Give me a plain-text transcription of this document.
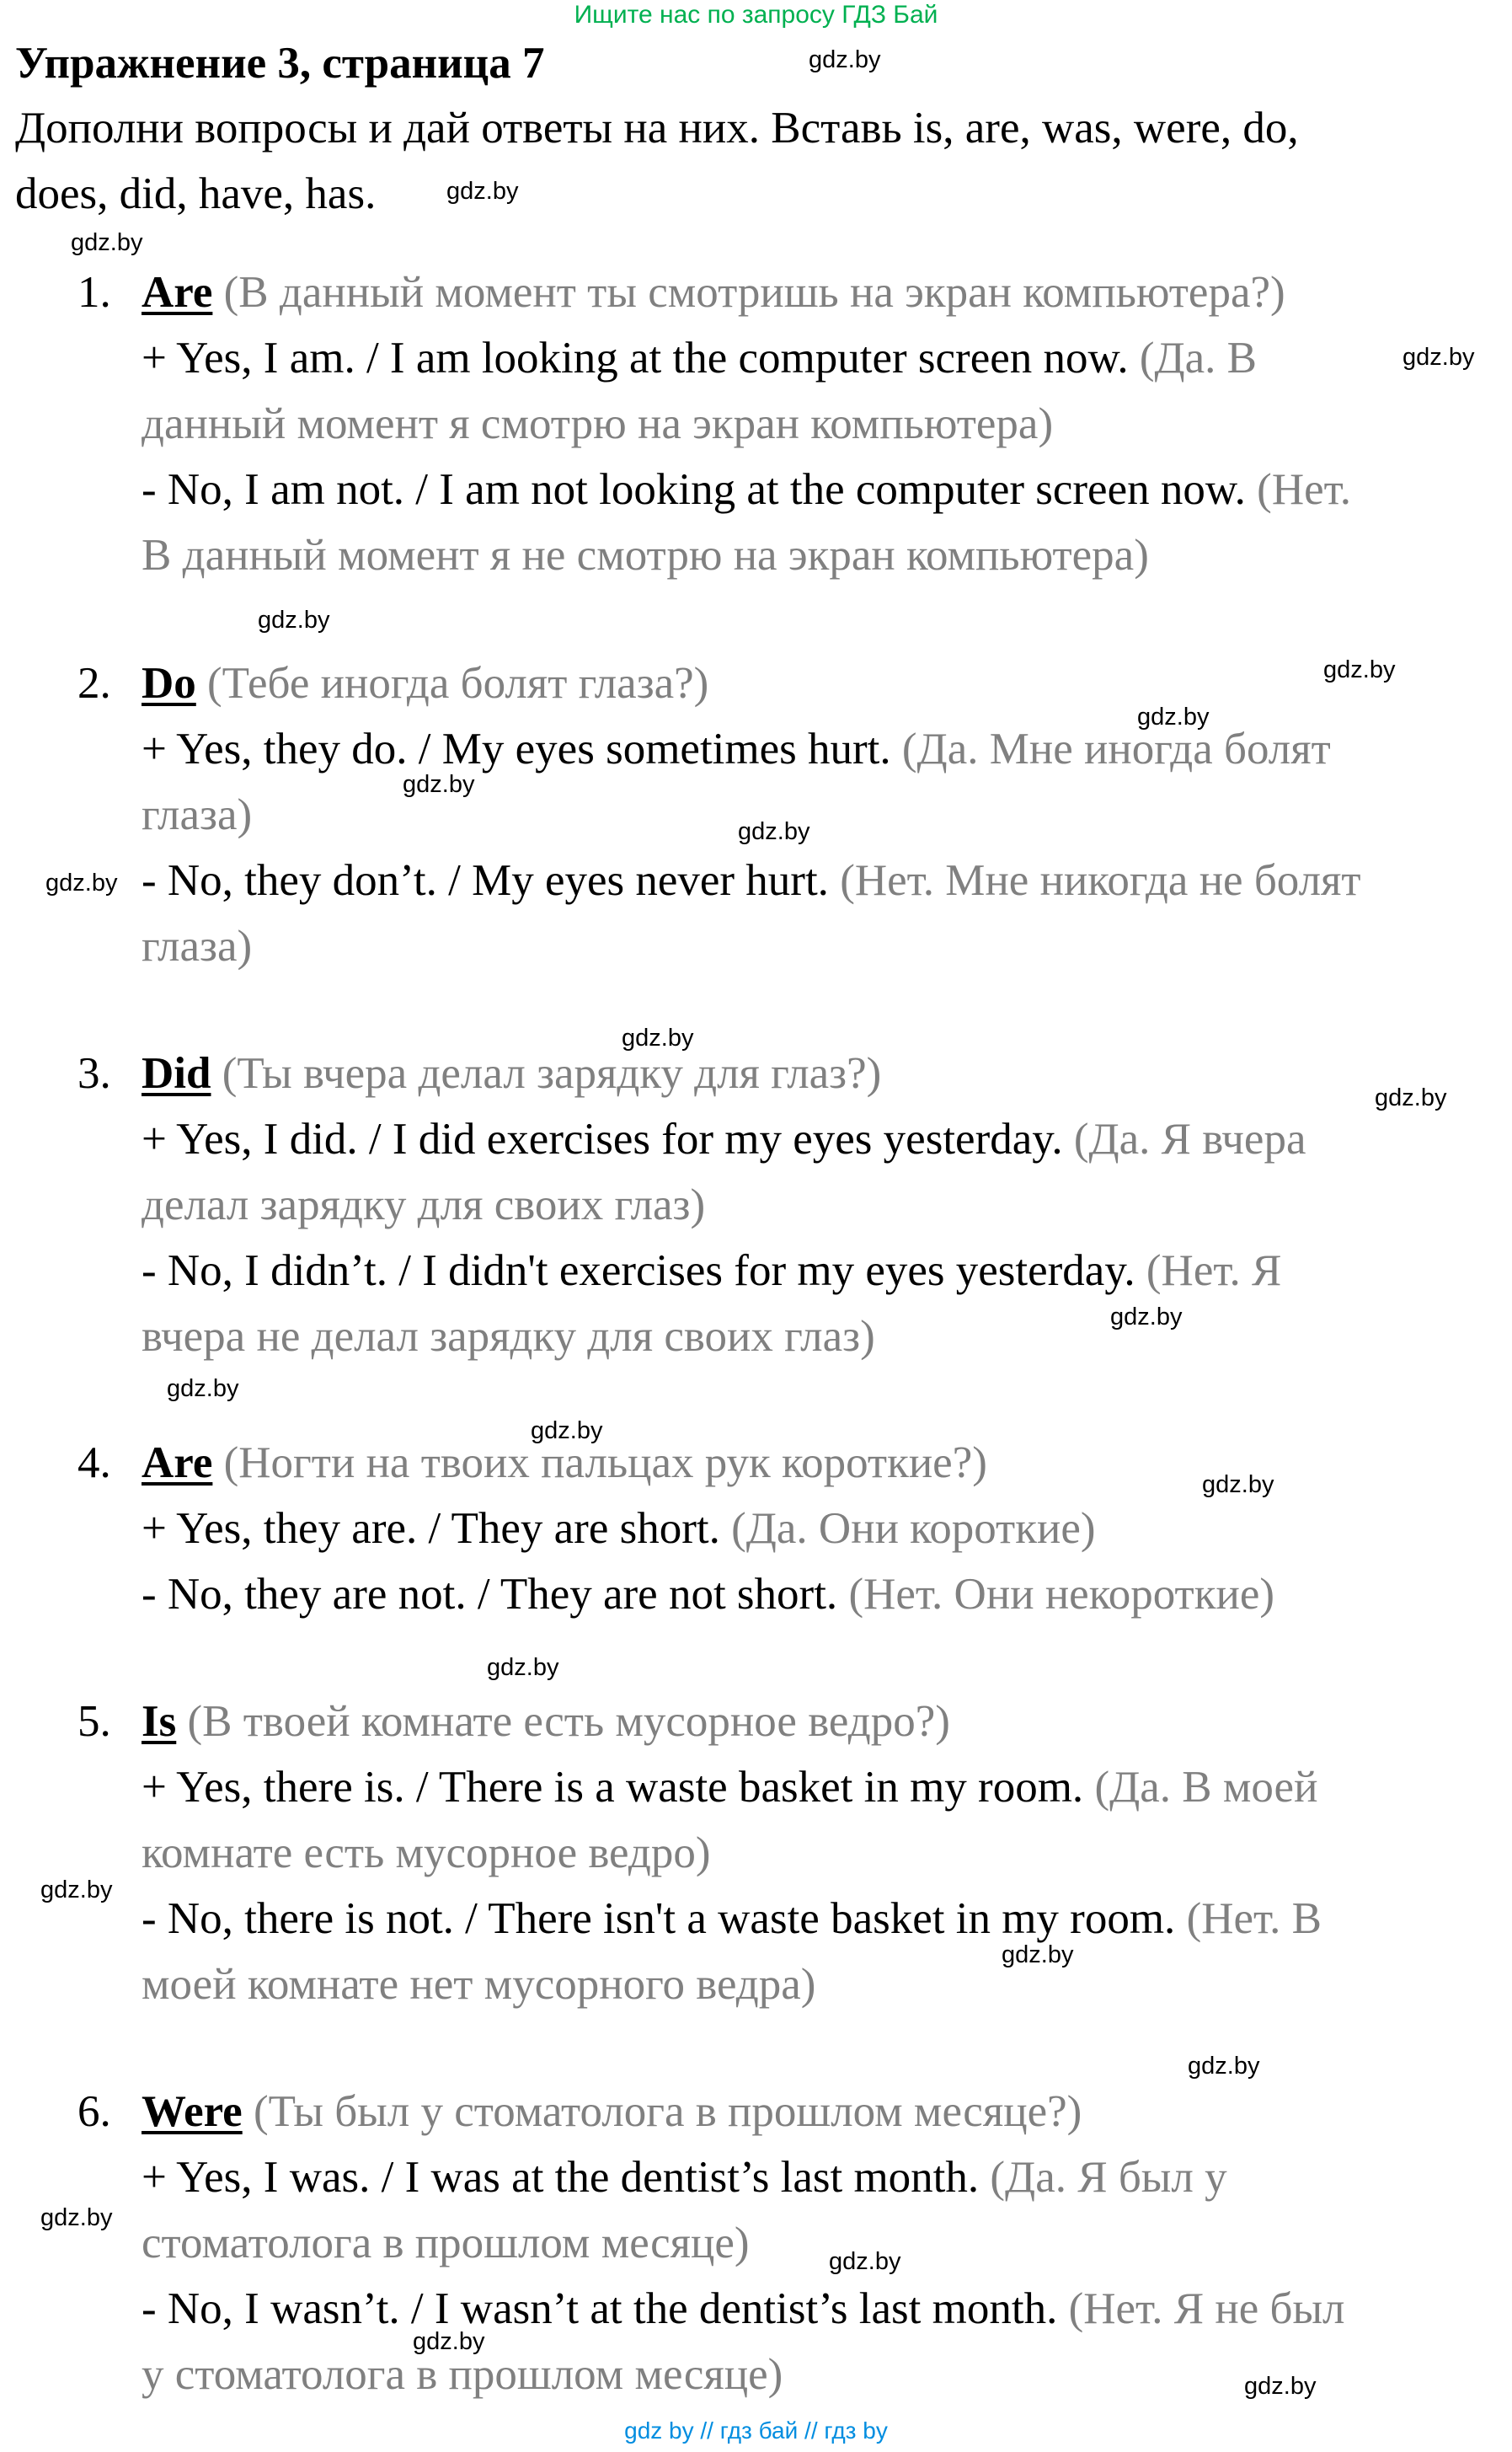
Ищите нас по запросу ГДЗ Бай
Упражнение 3, страница 7
Дополни вопросы и дай ответы на них. Вставь is, are, was, were, do,
does, did, have, has.
1. Are (В данный момент ты смотришь на экран компьютера?)
+ Yes, I am. / I am looking at the computer screen now. (Да. В
данный момент я смотрю на экран компьютера)
- No, I am not. / I am not looking at the computer screen now. (Нет.
В данный момент я не смотрю на экран компьютера)
2. Do (Тебе иногда болят глаза?)
+ Yes, they do. / My eyes sometimes hurt. (Да. Мне иногда болят
глаза)
- No, they don’t. / My eyes never hurt. (Нет. Мне никогда не болят
глаза)
3. Did (Ты вчера делал зарядку для глаз?)
+ Yes, I did. / I did exercises for my eyes yesterday. (Да. Я вчера
делал зарядку для своих глаз)
- No, I didn’t. / I didn't exercises for my eyes yesterday. (Нет. Я
вчера не делал зарядку для своих глаз)
4. Are (Ногти на твоих пальцах рук короткие?)
+ Yes, they are. / They are short. (Да. Они короткие)
- No, they are not. / They are not short. (Нет. Они некороткие)
5. Is (В твоей комнате есть мусорное ведро?)
+ Yes, there is. / There is a waste basket in my room. (Да. В моей
комнате есть мусорное ведро)
- No, there is not. / There isn't a waste basket in my room. (Нет. В
моей комнате нет мусорного ведра)
6. Were (Ты был у стоматолога в прошлом месяце?)
+ Yes, I was. / I was at the dentist’s last month. (Да. Я был у
стоматолога в прошлом месяце)
- No, I wasn’t. / I wasn’t at the dentist’s last month. (Нет. Я не был
у стоматолога в прошлом месяце)
gdz.by
gdz.by
gdz.by
gdz.by
gdz.by
gdz.by
gdz.by
gdz.by
gdz.by
gdz.by
gdz.by
gdz.by
gdz.by
gdz.by
gdz.by
gdz.by
gdz.by
gdz.by
gdz.by
gdz.by
gdz.by
gdz.by
gdz.by
gdz.by
gdz by // гдз бай // гдз by
